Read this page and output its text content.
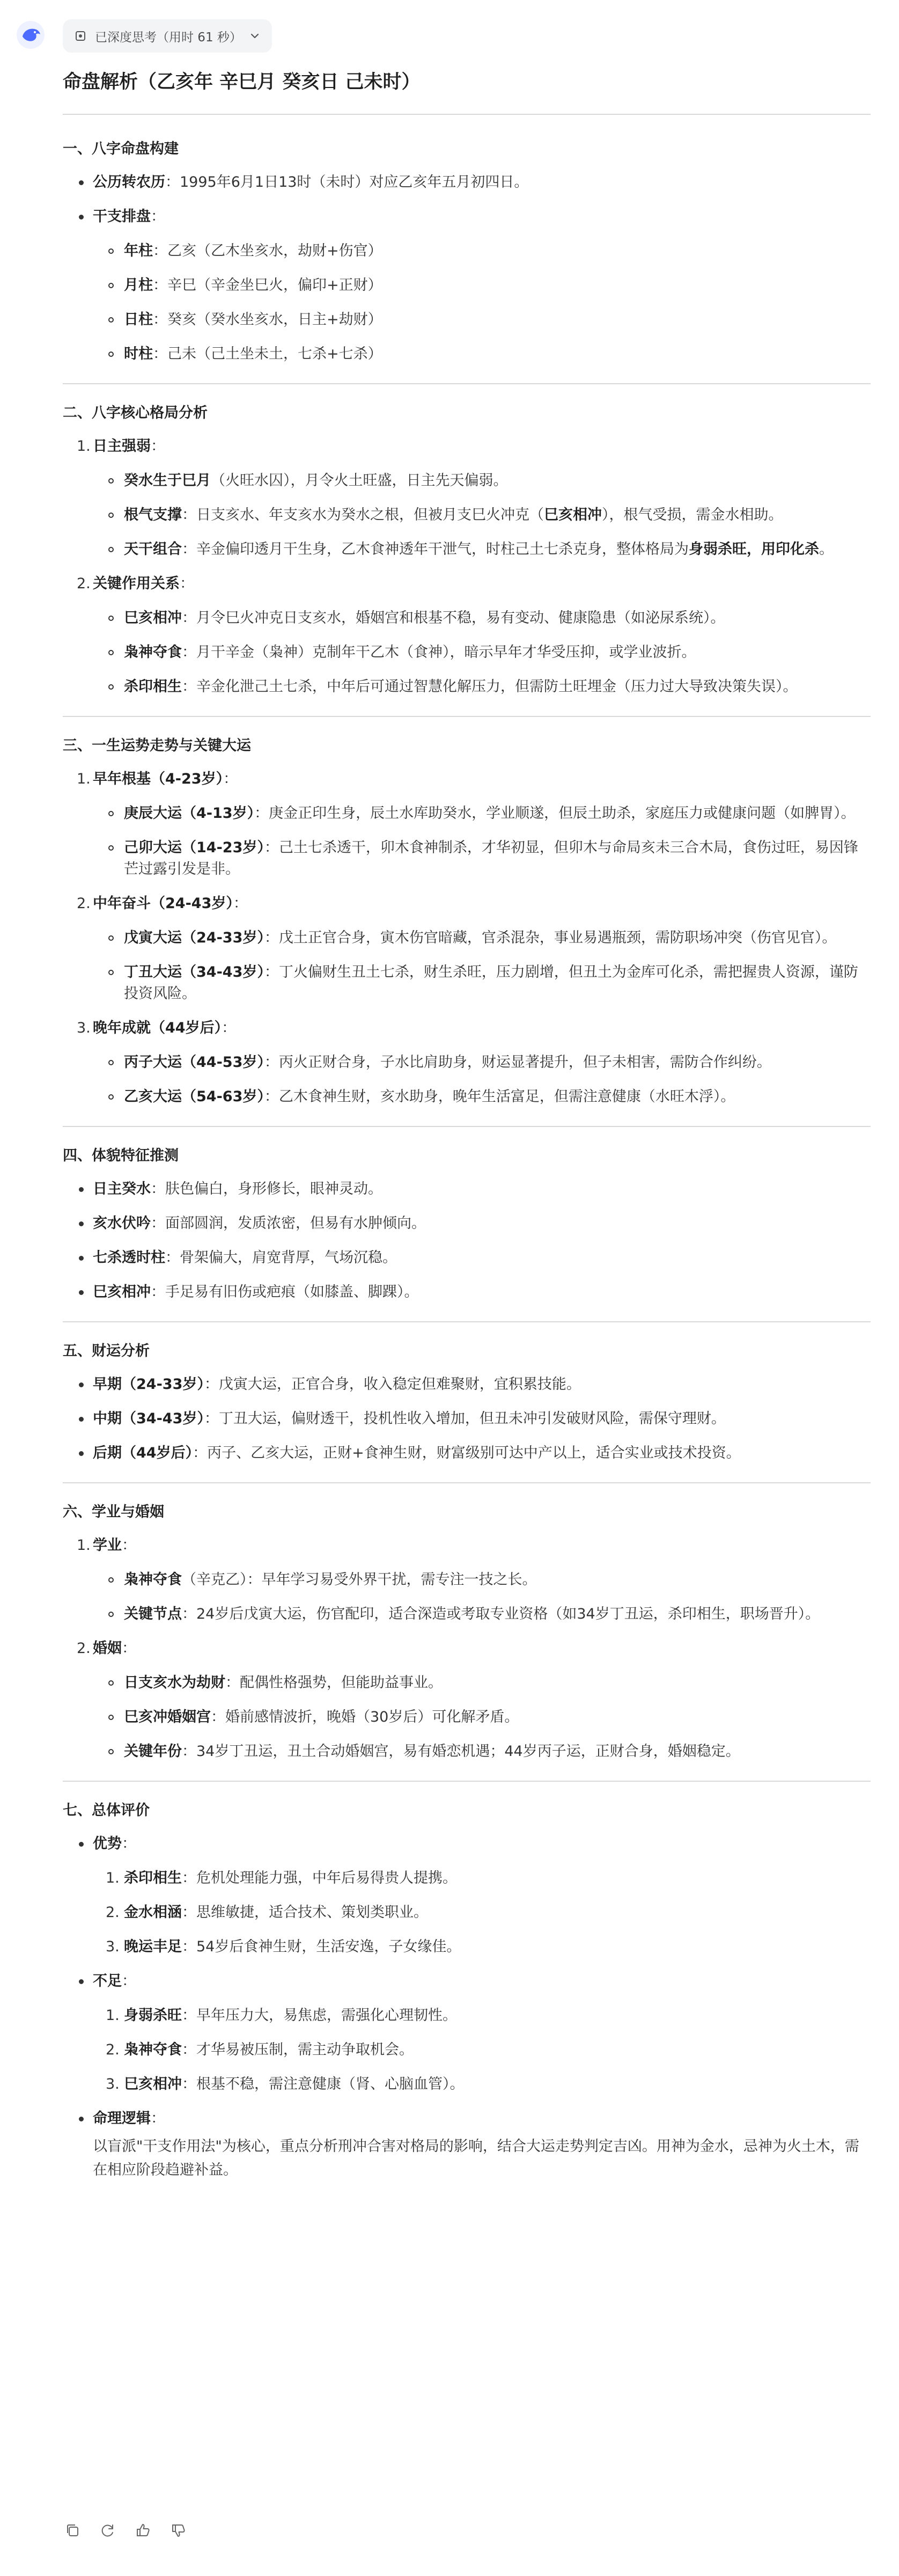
已深度思考（用时 61 秒）
命盘解析（乙亥年 辛巳月 癸亥日 己未时）
一、八字命盘构建
公历转农历：1995年6月1日13时（未时）对应乙亥年五月初四日。
干支排盘：
年柱：乙亥（乙木坐亥水，劫财+伤官）
月柱：辛巳（辛金坐巳火，偏印+正财）
日柱：癸亥（癸水坐亥水，日主+劫财）
时柱：己未（己土坐未土，七杀+七杀）
二、八字核心格局分析
1. 日主强弱：
癸水生于巳月（火旺水囚），月令火土旺盛，日主先天偏弱。
根气支撑：日支亥水、年支亥水为癸水之根，但被月支巳火冲克（巳亥相冲），根气受损，需金水相助。
天干组合：辛金偏印透月干生身，乙木食神透年干泄气，时柱己土七杀克身，整体格局为身弱杀旺，用印化杀。
2. 关键作用关系：
巳亥相冲：月令巳火冲克日支亥水，婚姻宫和根基不稳，易有变动、健康隐患（如泌尿系统）。
枭神夺食：月干辛金（枭神）克制年干乙木（食神），暗示早年才华受压抑，或学业波折。
杀印相生：辛金化泄己土七杀，中年后可通过智慧化解压力，但需防土旺埋金（压力过大导致决策失误）。
三、一生运势走势与关键大运
1. 早年根基（4-23岁）：
庚辰大运（4-13岁）：庚金正印生身，辰土水库助癸水，学业顺遂，但辰土助杀，家庭压力或健康问题（如脾胃）。
己卯大运（14-23岁）：己土七杀透干，卯木食神制杀，才华初显，但卯木与命局亥未三合木局，食伤过旺，易因锋芒过露引发是非。
2. 中年奋斗（24-43岁）：
戊寅大运（24-33岁）：戊土正官合身，寅木伤官暗藏，官杀混杂，事业易遇瓶颈，需防职场冲突（伤官见官）。
丁丑大运（34-43岁）：丁火偏财生丑土七杀，财生杀旺，压力剧增，但丑土为金库可化杀，需把握贵人资源，谨防投资风险。
3. 晚年成就（44岁后）：
丙子大运（44-53岁）：丙火正财合身，子水比肩助身，财运显著提升，但子未相害，需防合作纠纷。
乙亥大运（54-63岁）：乙木食神生财，亥水助身，晚年生活富足，但需注意健康（水旺木浮）。
四、体貌特征推测
日主癸水：肤色偏白，身形修长，眼神灵动。
亥水伏吟：面部圆润，发质浓密，但易有水肿倾向。
七杀透时柱：骨架偏大，肩宽背厚，气场沉稳。
巳亥相冲：手足易有旧伤或疤痕（如膝盖、脚踝）。
五、财运分析
早期（24-33岁）：戊寅大运，正官合身，收入稳定但难聚财，宜积累技能。
中期（34-43岁）：丁丑大运，偏财透干，投机性收入增加，但丑未冲引发破财风险，需保守理财。
后期（44岁后）：丙子、乙亥大运，正财+食神生财，财富级别可达中产以上，适合实业或技术投资。
六、学业与婚姻
1. 学业：
枭神夺食（辛克乙）：早年学习易受外界干扰，需专注一技之长。
关键节点：24岁后戊寅大运，伤官配印，适合深造或考取专业资格（如34岁丁丑运，杀印相生，职场晋升）。
2. 婚姻：
日支亥水为劫财：配偶性格强势，但能助益事业。
巳亥冲婚姻宫：婚前感情波折，晚婚（30岁后）可化解矛盾。
关键年份：34岁丁丑运，丑土合动婚姻宫，易有婚恋机遇；44岁丙子运，正财合身，婚姻稳定。
七、总体评价
优势：
1. 杀印相生：危机处理能力强，中年后易得贵人提携。
2. 金水相涵：思维敏捷，适合技术、策划类职业。
3. 晚运丰足：54岁后食神生财，生活安逸，子女缘佳。
不足：
1. 身弱杀旺：早年压力大，易焦虑，需强化心理韧性。
2. 枭神夺食：才华易被压制，需主动争取机会。
3. 巳亥相冲：根基不稳，需注意健康（肾、心脑血管）。
命理逻辑：
以盲派"干支作用法"为核心，重点分析刑冲合害对格局的影响，结合大运走势判定吉凶。用神为金水，忌神为火土木，需在相应阶段趋避补益。
